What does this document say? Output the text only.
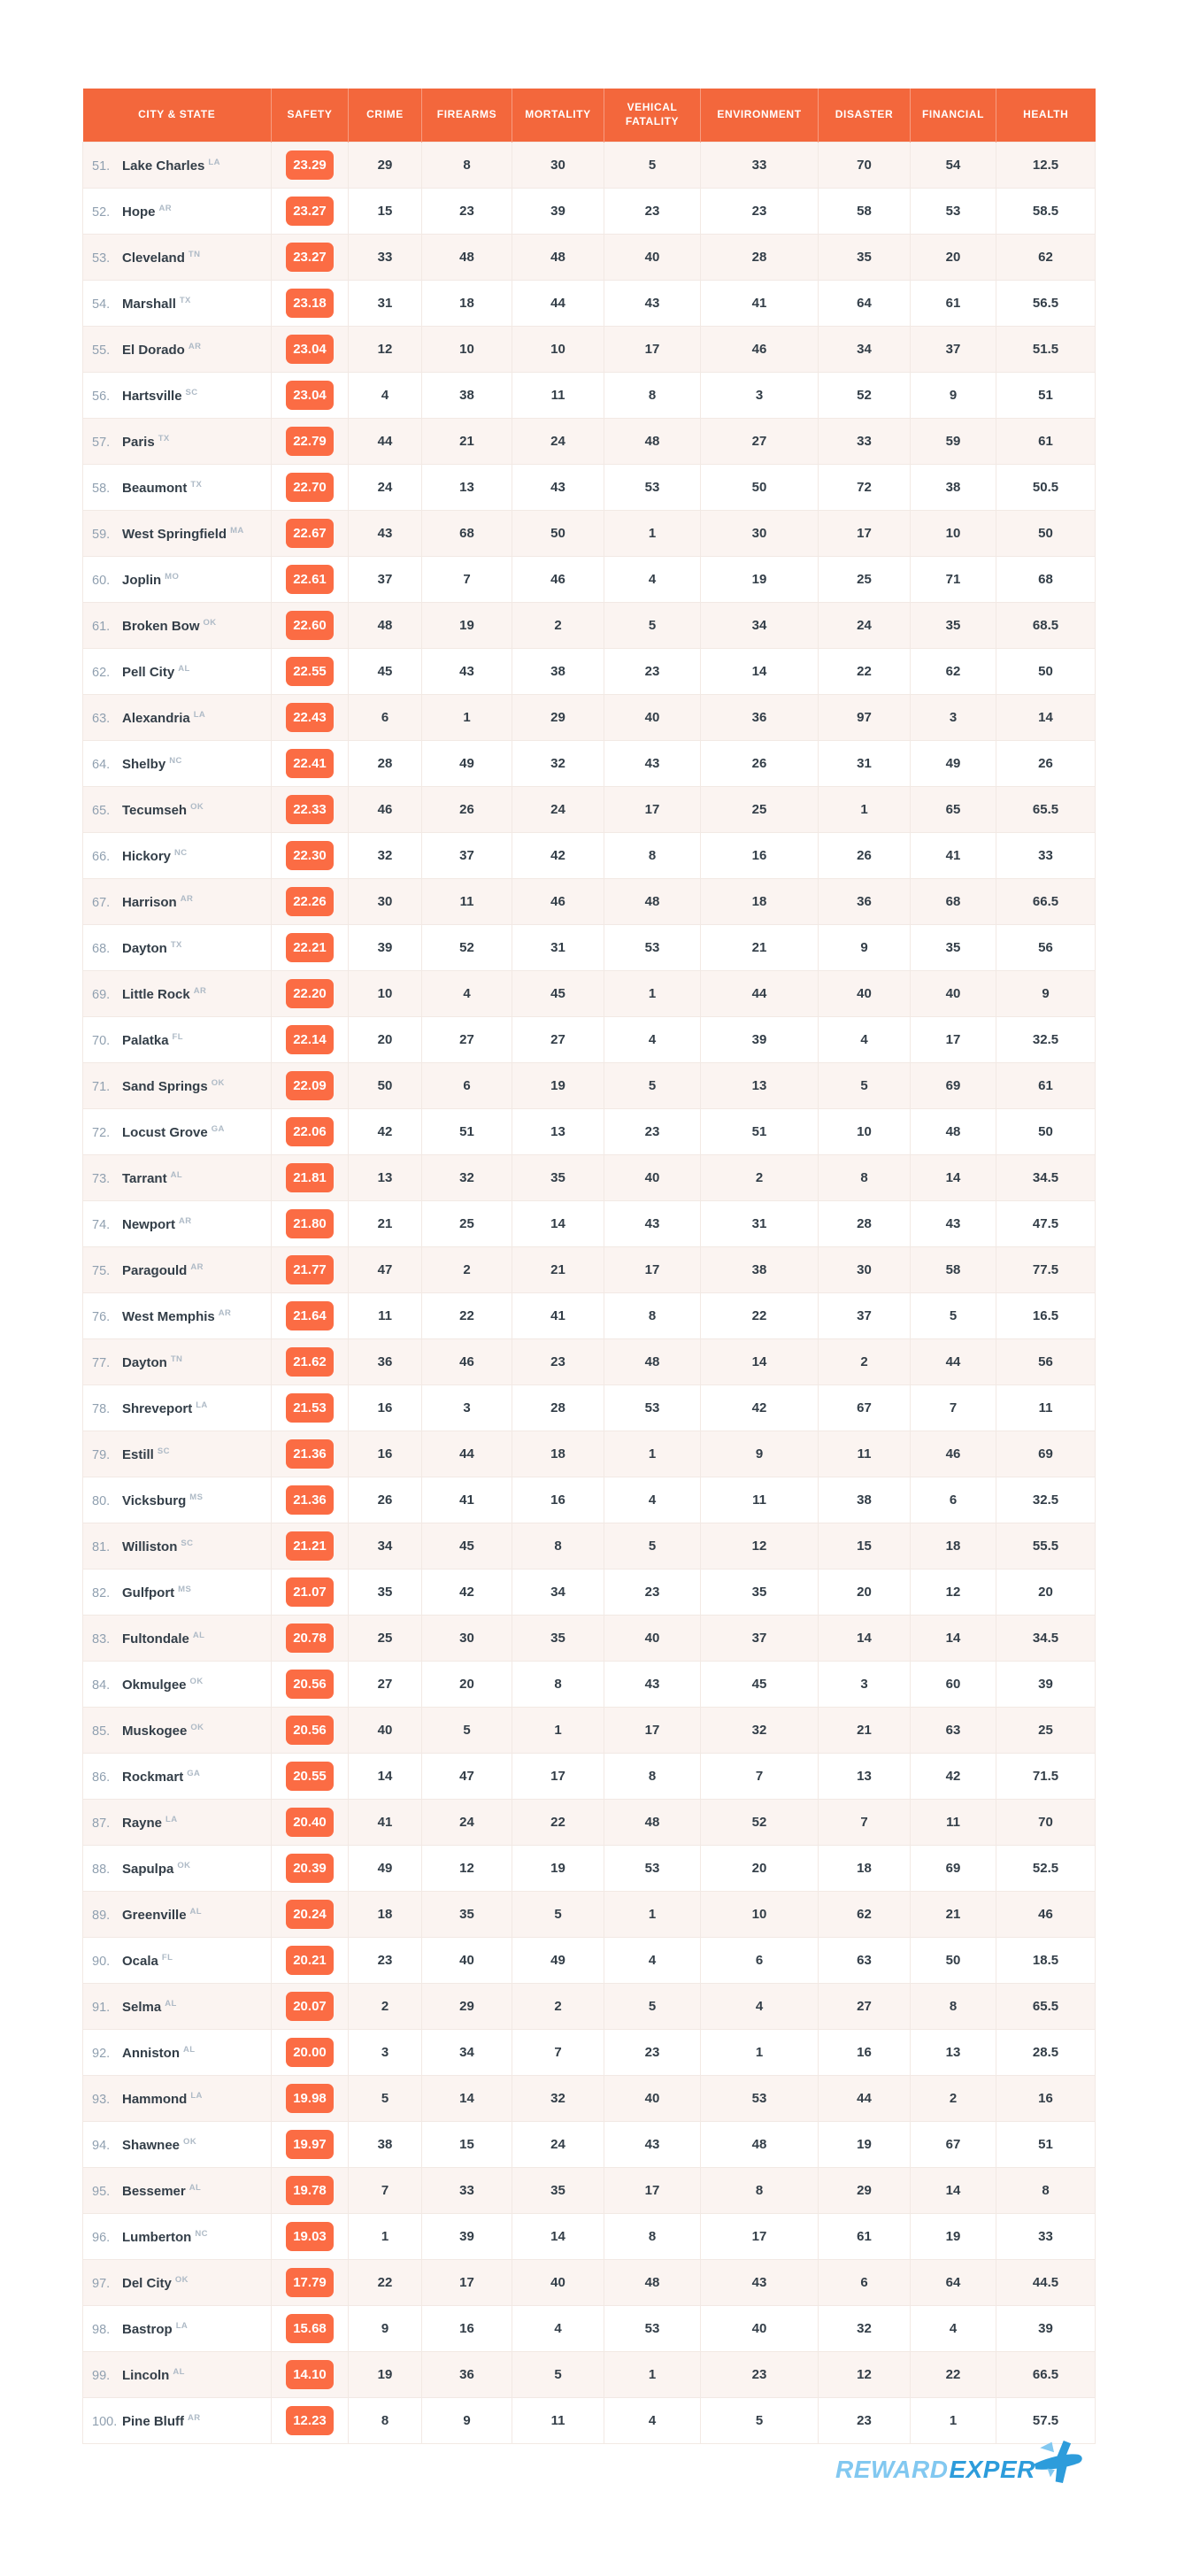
CITY & STATE	SAFETY	CRIME	FIREARMS	MORTALITY	VEHICAL FATALITY	ENVIRONMENT	DISASTER	FINANCIAL	HEALTH
51. Lake Charles $^{LA}$	23.29	29	8	30	5	33	70	54	12.5
52. Hope $^{AR}$	23.27	15	23	39	23	23	58	53	58.5
53. Cleveland $^{TN}$	23.27	33	48	48	40	28	35	20	62
54. Marshall $^{TX}$	23.18	31	18	44	43	41	64	61	56.5
55. El Dorado $^{AR}$	23.04	12	10	10	17	46	34	37	51.5
56. Hartsville $^{SC}$	23.04	4	38	11	8	3	52	9	51
57. Paris $^{TX}$	22.79	44	21	24	48	27	33	59	61
58. Beaumont $^{TX}$	22.70	24	13	43	53	50	72	38	50.5
59. West Springfield $^{MA}$	22.67	43	68	50	1	30	17	10	50
60. Joplin $^{MO}$	22.61	37	7	46	4	19	25	71	68
61. Broken Bow $^{OK}$	22.60	48	19	2	5	34	24	35	68.5
62. Pell City $^{AL}$	22.55	45	43	38	23	14	22	62	50
63. Alexandria $^{LA}$	22.43	6	1	29	40	36	97	3	14
64. Shelby $^{NC}$	22.41	28	49	32	43	26	31	49	26
65. Tecumseh $^{OK}$	22.33	46	26	24	17	25	1	65	65.5
66. Hickory $^{NC}$	22.30	32	37	42	8	16	26	41	33
67. Harrison $^{AR}$	22.26	30	11	46	48	18	36	68	66.5
68. Dayton $^{TX}$	22.21	39	52	31	53	21	9	35	56
69. Little Rock $^{AR}$	22.20	10	4	45	1	44	40	40	9
70. Palatka $^{FL}$	22.14	20	27	27	4	39	4	17	32.5
71. Sand Springs $^{OK}$	22.09	50	6	19	5	13	5	69	61
72. Locust Grove $^{GA}$	22.06	42	51	13	23	51	10	48	50
73. Tarrant $^{AL}$	21.81	13	32	35	40	2	8	14	34.5
74. Newport $^{AR}$	21.80	21	25	14	43	31	28	43	47.5
75. Paragould $^{AR}$	21.77	47	2	21	17	38	30	58	77.5
76. West Memphis $^{AR}$	21.64	11	22	41	8	22	37	5	16.5
77. Dayton $^{TN}$	21.62	36	46	23	48	14	2	44	56
78. Shreveport $^{LA}$	21.53	16	3	28	53	42	67	7	11
79. Estill $^{SC}$	21.36	16	44	18	1	9	11	46	69
80. Vicksburg $^{MS}$	21.36	26	41	16	4	11	38	6	32.5
81. Williston $^{SC}$	21.21	34	45	8	5	12	15	18	55.5
82. Gulfport $^{MS}$	21.07	35	42	34	23	35	20	12	20
83. Fultondale $^{AL}$	20.78	25	30	35	40	37	14	14	34.5
84. Okmulgee $^{OK}$	20.56	27	20	8	43	45	3	60	39
85. Muskogee $^{OK}$	20.56	40	5	1	17	32	21	63	25
86. Rockmart $^{GA}$	20.55	14	47	17	8	7	13	42	71.5
87. Rayne $^{LA}$	20.40	41	24	22	48	52	7	11	70
88. Sapulpa $^{OK}$	20.39	49	12	19	53	20	18	69	52.5
89. Greenville $^{AL}$	20.24	18	35	5	1	10	62	21	46
90. Ocala $^{FL}$	20.21	23	40	49	4	6	63	50	18.5
91. Selma $^{AL}$	20.07	2	29	2	5	4	27	8	65.5
92. Anniston $^{AL}$	20.00	3	34	7	23	1	16	13	28.5
93. Hammond $^{LA}$	19.98	5	14	32	40	53	44	2	16
94. Shawnee $^{OK}$	19.97	38	15	24	43	48	19	67	51
95. Bessemer $^{AL}$	19.78	7	33	35	17	8	29	14	8
96. Lumberton $^{NC}$	19.03	1	39	14	8	17	61	19	33
97. Del City $^{OK}$	17.79	22	17	40	48	43	6	64	44.5
98. Bastrop $^{LA}$	15.68	9	16	4	53	40	32	4	39
99. Lincoln $^{AL}$	14.10	19	36	5	1	23	12	22	66.5
100. Pine Bluff $^{AR}$	12.23	8	9	11	4	5	23	1	57.5
REWARD EXPER
